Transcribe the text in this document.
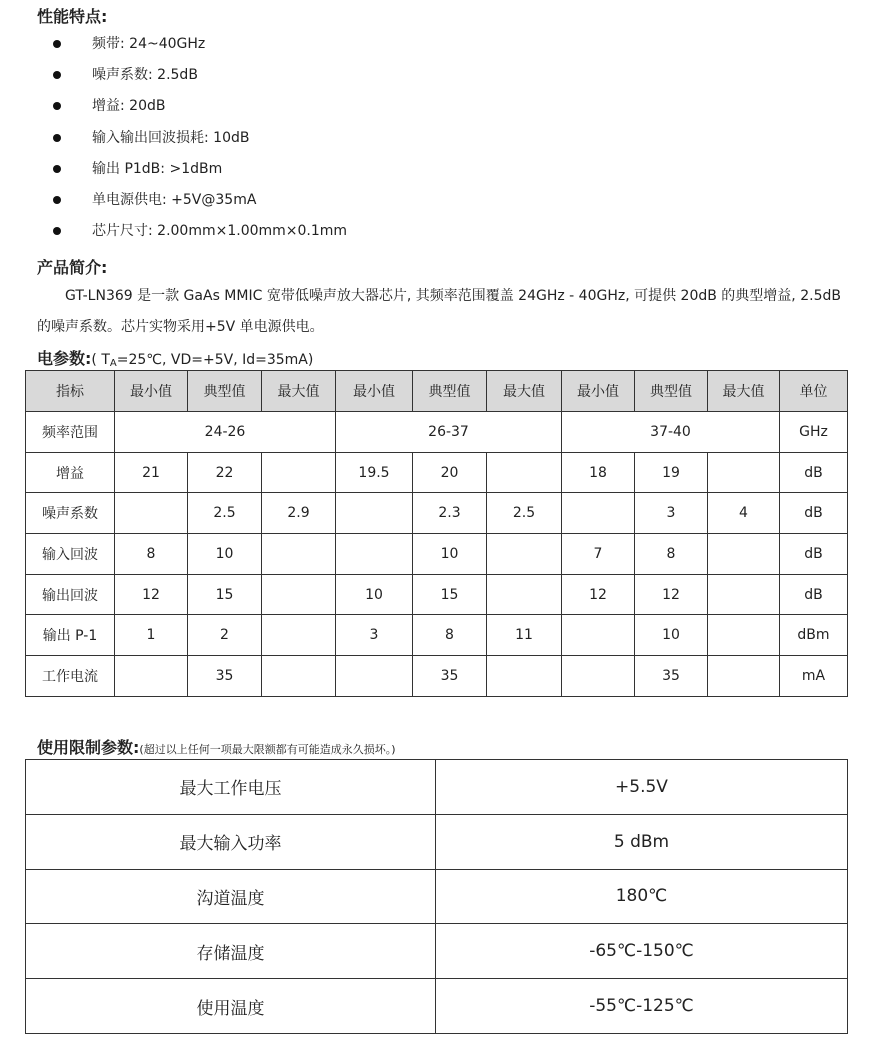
性能特点:
频带: 24~40GHz
噪声系数: 2.5dB
增益: 20dB
输入输出回波损耗: 10dB
输出 P1dB: >1dBm
单电源供电: +5V@35mA
芯片尺寸: 2.00mm×1.00mm×0.1mm
产品简介:

GT-LN369 是一款 GaAs MMIC 宽带低噪声放大器芯片, 其频率范围覆盖 24GHz - 40GHz, 可提供 20dB 的典型增益, 2.5dB 的噪声系数。芯片实物采用+5V 单电源供电。

电参数:( $T_A=25℃$, VD=+5V, Id=35mA)
指标	最小值	典型值	最大值	最小值	典型值	最大值	最小值	典型值	最大值	单位
频率范围	24-26			26-37			37-40			GHz
增益	21	22		19.5	20		18	19		dB
噪声系数		2.5	2.9		2.3	2.5		3	4	dB
输入回波	8	10			10		7	8		dB
输出回波	12	15		10	15		12	12		dB
输出 P-1	1	2		3	8	11		10		dBm
工作电流		35			35			35		mA
使用限制参数:(超过以上任何一项最大限额都有可能造成永久损坏。)
最大工作电压	+5.5V
最大输入功率	5 dBm
沟道温度	180℃
存储温度	-65℃-150℃
使用温度	-55℃-125℃
